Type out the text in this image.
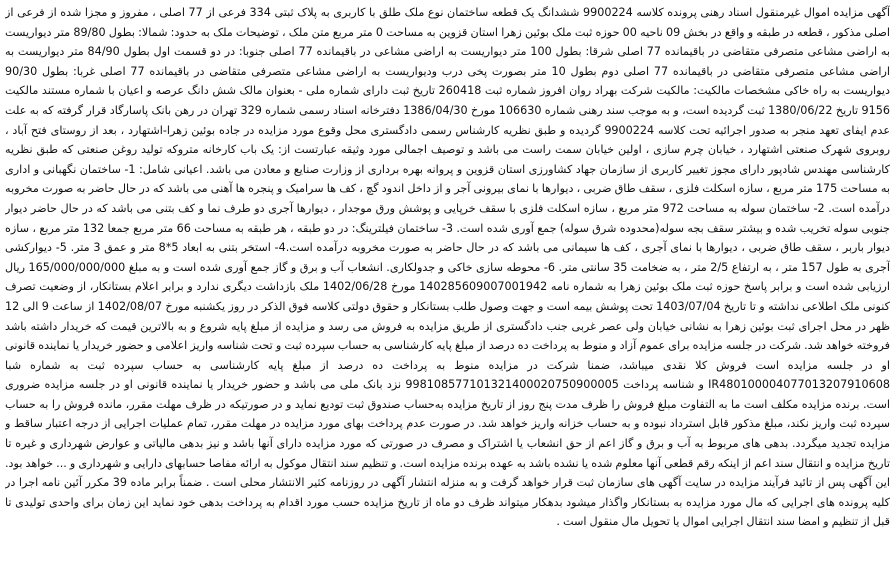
آگهی مزایده اموال غیرمنقول اسناد رهنی پرونده کلاسه 9900224 ششدانگ یک قطعه ساختمان نوع ملک طلق با کاربری به پلاک ثبتی 334 فرعی از 77 اصلی ، مفروز و مجزا شده از فرعی از اصلی مذکور ، قطعه در طبقه و واقع در بخش 09 ناحیه 00 حوزه ثبت ملک بوئین زهرا استان قزوین به مساحت 0 متر مربع متن ملک ، توضیحات ملک به حدود: شمالا: بطول 89/80 متر دیواریست به اراضی مشاعی متصرفی متقاضی در باقیمانده 77 اصلی شرقا: بطول 100 متر دیواریست به اراضی مشاعی در باقیمانده 77 اصلی جنوبا: در دو قسمت اول بطول 84/90 متر دیواریست به اراضی مشاعی متصرفی متقاضی در باقیمانده 77 اصلی دوم بطول 10 متر بصورت پخی درب ودیواریست به اراضی مشاعی متصرفی متقاضی در باقیمانده 77 اصلی غربا: بطول 90/30 دیواریست به راه خاکی مشخصات مالکیت: مالکیت شرکت بهراد روان افروز شماره ثبت 260418 تاریخ ثبت دارای شماره ملی - بعنوان مالک شش دانگ عرصه و اعیان با شماره مستند مالکیت 9156 تاریخ 1380/06/22 ثبت گردیده است، و به موجب سند رهنی شماره 106630 مورخ 1386/04/30 دفترخانه اسناد رسمی شماره 329 تهران در رهن بانک پاسارگاد قرار گرفته که به علت عدم ایفای تعهد منجر به صدور اجرائیه تحت کلاسه 9900224 گردیده و طبق نظریه کارشناس رسمی دادگستری محل وقوع مورد مزایده در جاده بوئین زهرا-اشتهارد ، بعد از روستای فتح آباد ، روبروی شهرک صنعتی اشتهارد ، خیابان چرم سازی ، اولین خیابان سمت راست می باشد و توصیف اجمالی مورد وثیقه عبارتست از: یک باب کارخانه متروکه تولید روغن صنعتی که طبق نظریه کارشناسی مهندس شادپور دارای مجوز تغییر کاربری از سازمان جهاد کشاورزی استان قزوین و پروانه بهره برداری از وزارت صنایع و معادن می باشد. اعیانی شامل: 1- ساختمان نگهبانی و اداری به مساحت 175 متر مربع ، سازه اسکلت فلزی ، سقف طاق ضربی ، دیوارها با نمای بیرونی آجر و از داخل اندود گچ ، کف ها سرامیک و پنجره ها آهنی می باشد که در حال حاضر به صورت مخروبه درآمده است. 2- ساختمان سوله به مساحت 972 متر مربع ، سازه اسکلت فلزی با سقف خرپایی و پوشش ورق موجدار ، دیوارها آجری دو طرف نما و کف بتنی می باشد که در حال حاضر دیوار جنوبی سوله تخریب شده و بیشتر سقف بجه سوله(محدوده شرق سوله) جمع آوری شده است. 3- ساختمان فیلترینگ: در دو طبقه ، هر طبقه به مساحت 66 متر مربع جمعا 132 متر مربع ، سازه دیوار باربر ، سقف طاق ضربی ، دیوارها با نمای آجری ، کف ها سیمانی می باشد که در حال حاضر به صورت مخروبه درآمده است.4- استخر بتنی به ابعاد 5*8 متر و عمق 3 متر. 5- دیوارکشی آجری به طول 157 متر ، به ارتفاع 2/5 متر ، به ضخامت 35 سانتی متر. 6- محوطه سازی خاکی و جدولکاری. انشعاب آب و برق و گاز جمع آوری شده است و به مبلغ 165/000/000/000 ریال ارزیابی شده است و برابر پاسخ حوزه ثبت ملک بوئین زهرا به شماره نامه 140285609007001942 مورخ 1402/06/28 ملک بازداشت دیگری ندارد و برابر اعلام بستانکار، از وضعیت تصرف کنونی ملک اطلاعی نداشته و تا تاریخ 1403/07/04 تحت پوشش بیمه است و جهت وصول طلب بستانکار و حقوق دولتی کلاسه فوق الذکر در روز یکشنبه مورخ 1402/08/07 از ساعت 9 الی 12 ظهر در محل اجرای ثبت بوئین زهرا به نشانی خیابان ولی عصر غربی جنب دادگستری از طریق مزایده به فروش می رسد و مزایده از مبلغ پایه شروع و به بالاترین قیمت که خریدار داشته باشد فروخته خواهد شد. شرکت در جلسه مزایده برای عموم آزاد و منوط به پرداخت ده درصد از مبلغ پایه کارشناسی به حساب سپرده ثبت و تحت شناسه واریز اعلامی و حضور خریدار یا نماینده قانونی او در جلسه مزایده است فروش کلا نقدی میباشد، ضمنا شرکت در مزایده منوط به پرداخت ده درصد از مبلغ پایه کارشناسی به حساب سپرده ثبت به شماره شبا IR480100004077013207910608 و شناسه پرداخت 998108577101321400020750900005 نزد بانک ملی می باشد و حضور خریدار یا نماینده قانونی او در جلسه مزایده ضروری است. برنده مزایده مکلف است ما به التفاوت مبلغ فروش را ظرف مدت پنج روز از تاریخ مزایده به‌حساب صندوق ثبت تودیع نماید و در صورتیکه در ظرف مهلت مقرر، مانده فروش را به حساب سپرده ثبت واریز نکند، مبلغ مذکور قابل استرداد نبوده و به حساب خزانه واریز خواهد شد. در صورت عدم پرداخت بهای مورد مزایده در مهلت مقرر، تمام عملیات اجرایی از درجه اعتبار ساقط و مزایده تجدید میگردد. بدهی های مربوط به آب و برق و گاز اعم از حق انشعاب یا اشتراک و مصرف در صورتی که مورد مزایده دارای آنها باشد و نیز بدهی مالیاتی و عوارض شهرداری و غیره تا تاریخ مزایده و انتقال سند اعم از اینکه رقم قطعی آنها معلوم شده یا نشده باشد به عهده برنده مزایده است. و تنظیم سند انتقال موکول به ارائه مفاصا حسابهای دارایی و شهرداری و ... خواهد بود. این آگهی پس از تائید فرآیند مزایده در سایت آگهی های سازمان ثبت قرار خواهد گرفت و به منزله انتشار آگهی در روزنامه کثیر الانتشار محلی است . ضمناً برابر ماده 39 مکرر آئین نامه اجرا در کلیه پرونده های اجرایی که مال مورد مزایده به بستانکار واگذار میشود بدهکار میتواند ظرف دو ماه از تاریخ مزایده حسب مورد اقدام به پرداخت بدهی خود نماید این زمان برای واحدی تولیدی تا قبل از تنظیم و امضا سند انتقال اجرایی اموال یا تحویل مال منقول است .
